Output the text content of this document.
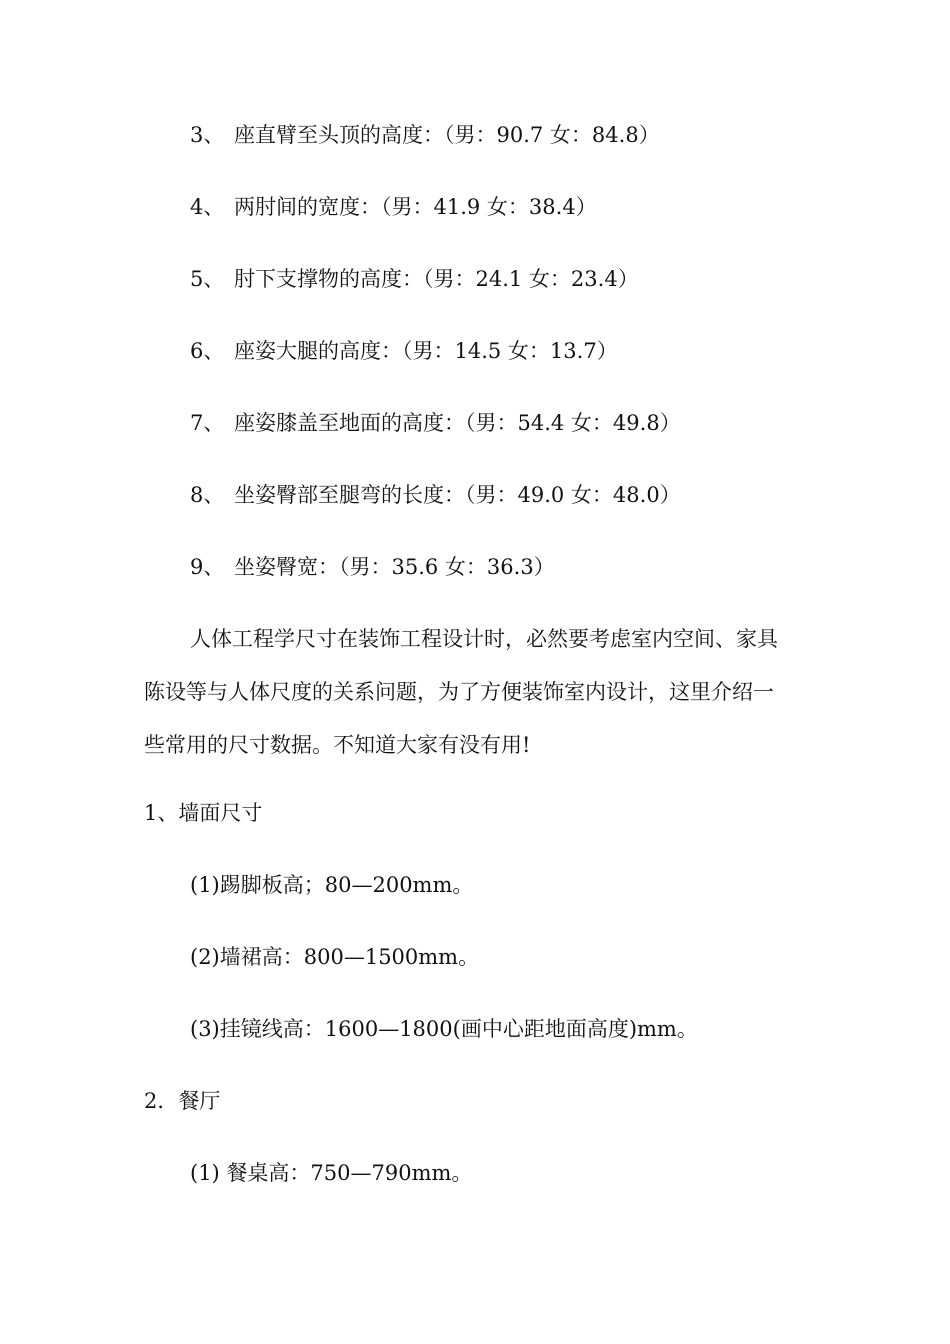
3、 座直臂至头顶的高度：（男：90.7 女：84.8）
4、 两肘间的宽度：（男：41.9 女：38.4）
5、 肘下支撑物的高度：（男：24.1 女：23.4）
6、 座姿大腿的高度：（男：14.5 女：13.7）
7、 座姿膝盖至地面的高度：（男：54.4 女：49.8）
8、 坐姿臀部至腿弯的长度：（男：49.0 女：48.0）
9、 坐姿臀宽：（男：35.6 女：36.3）
人体工程学尺寸在装饰工程设计时，必然要考虑室内空间、家具
陈设等与人体尺度的关系问题，为了方便装饰室内设计，这里介绍一
些常用的尺寸数据。不知道大家有没有用!
1、墙面尺寸
(1)踢脚板高；80—200mm。
(2)墙裙高：800—1500mm。
(3)挂镜线高：1600—1800(画中心距地面高度)mm。
2．餐厅
(1) 餐桌高：750—790mm。
